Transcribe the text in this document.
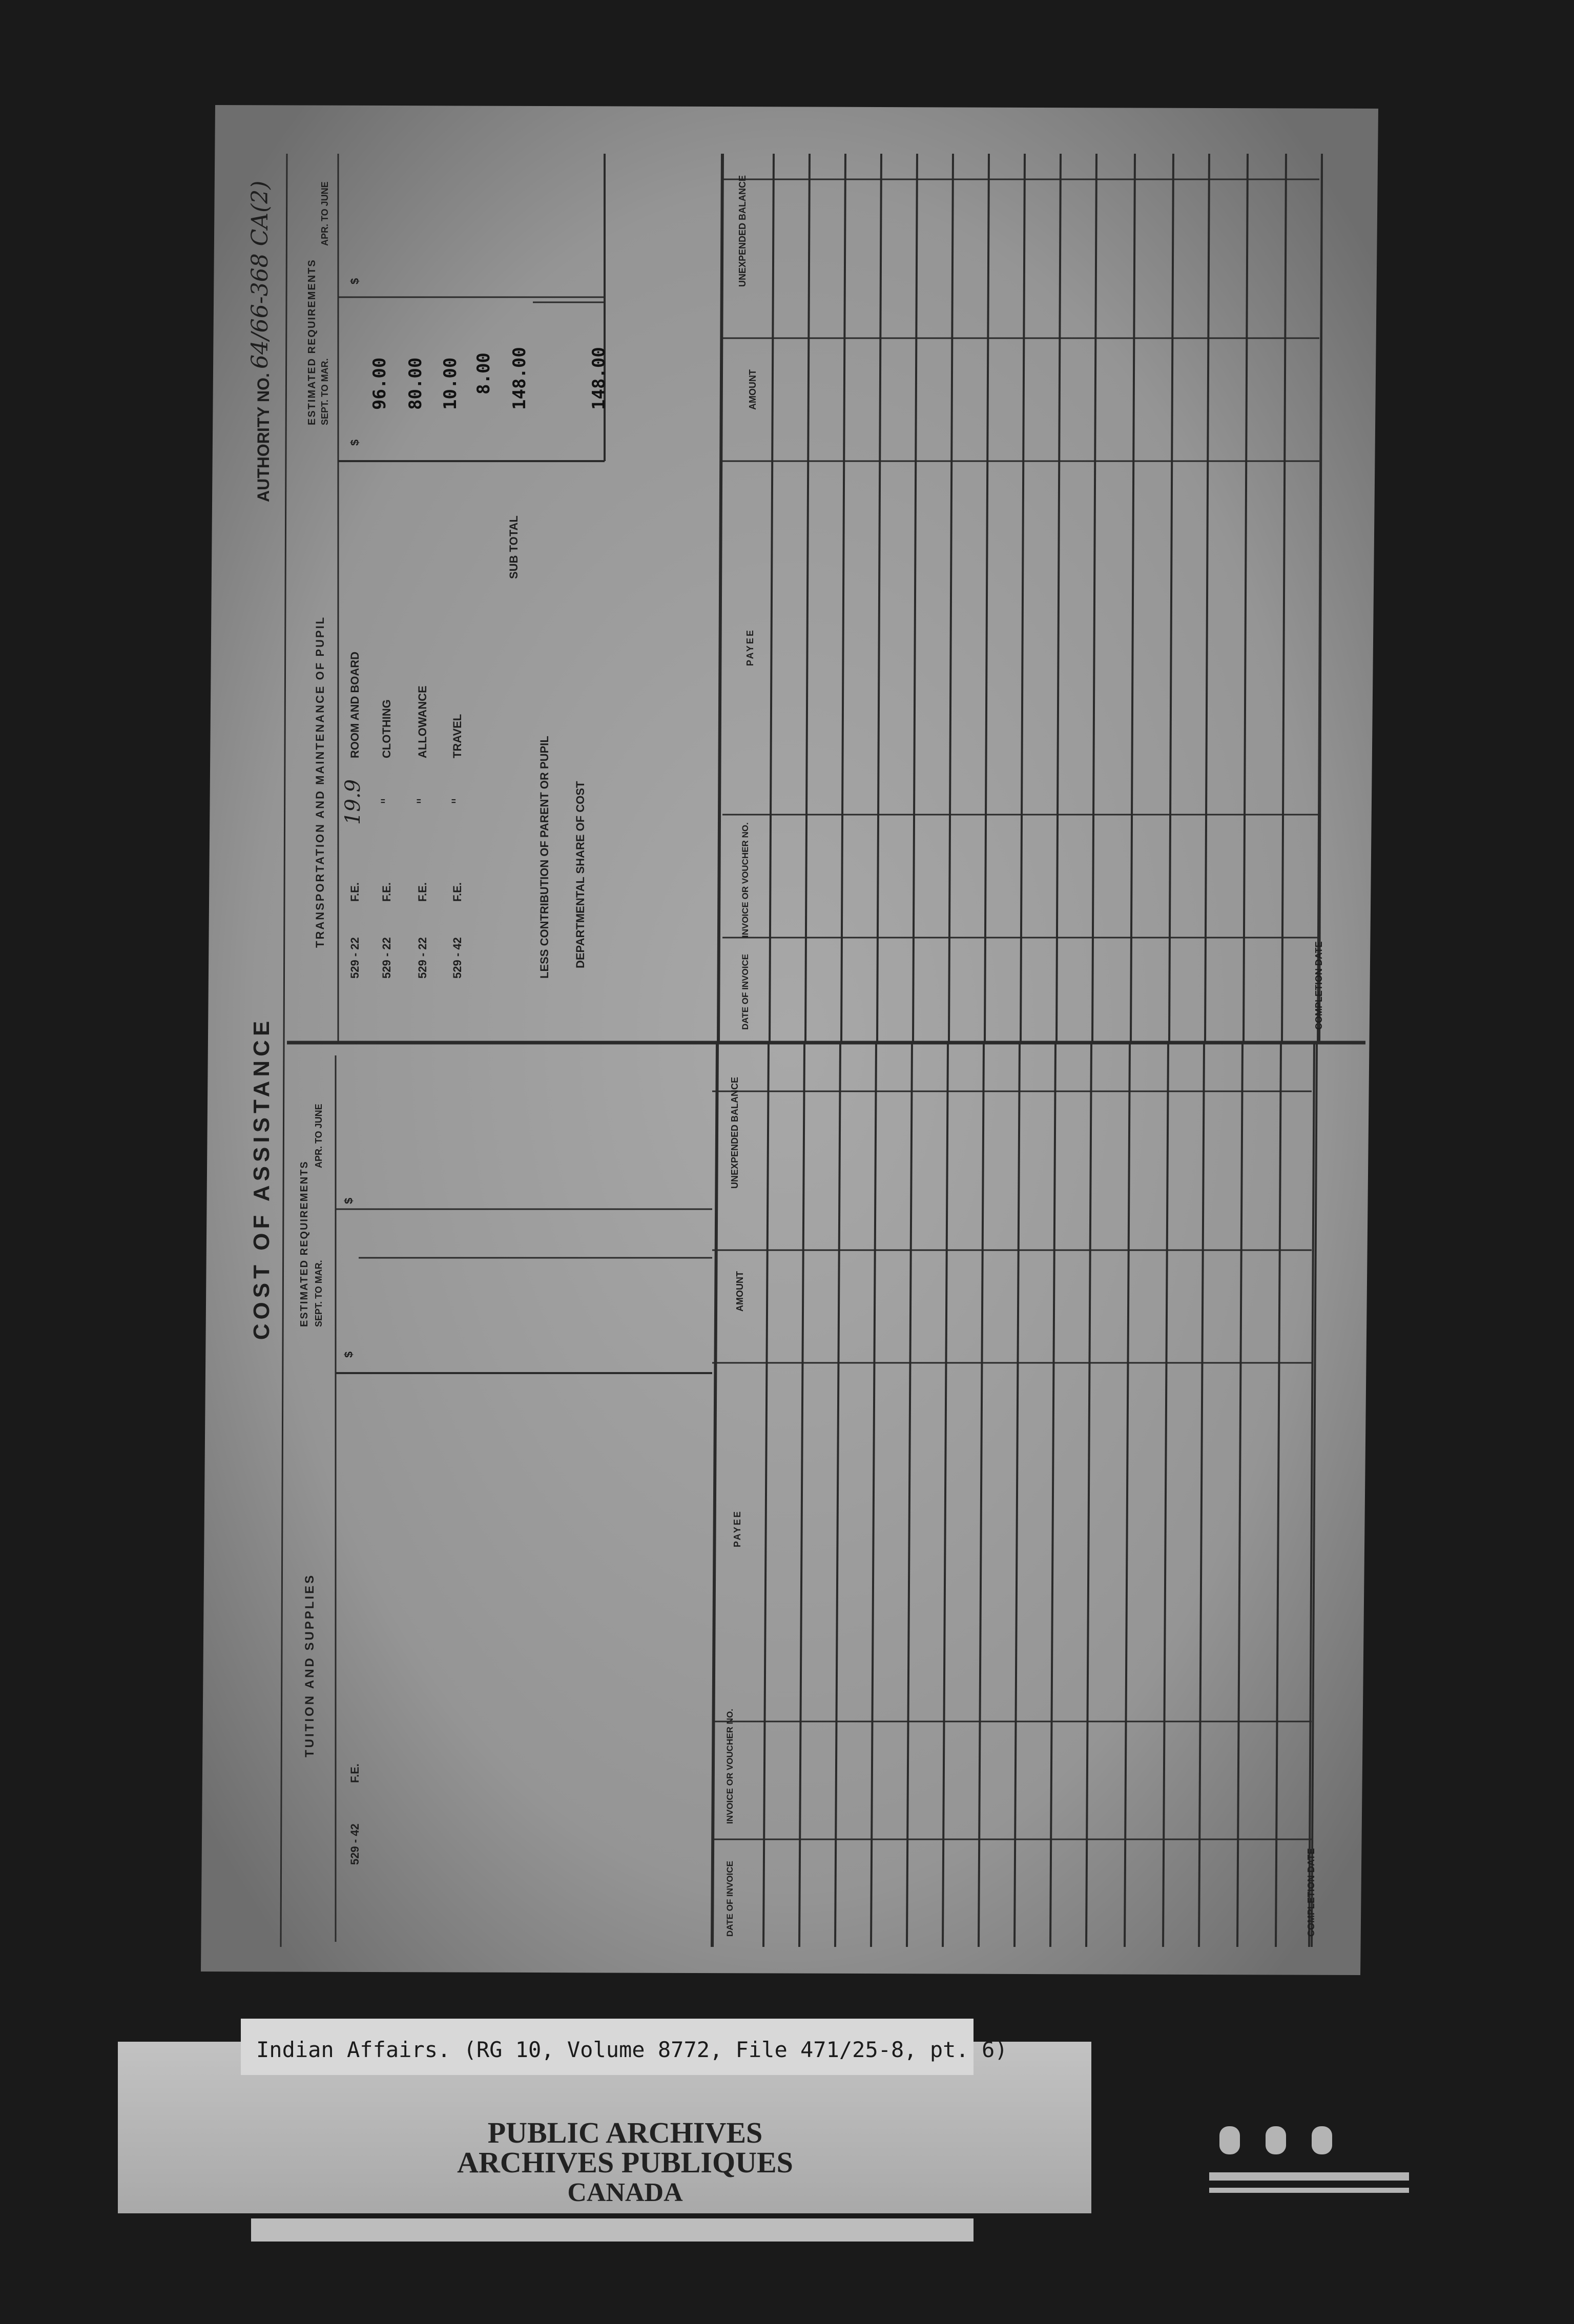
COST OF ASSISTANCE
AUTHORITY NO.
64/66-368 CA(2)
TRANSPORTATION AND MAINTENANCE OF PUPIL
ESTIMATED REQUIREMENTS SEPT. TO MAR.
APR. TO JUNE
$
$
529 - 22
F.E.
19.9
ROOM AND BOARD
96.00
529 - 22
F.E.
"
CLOTHING
80.00
529 - 22
F.E.
"
ALLOWANCE
10.00
529 - 42
F.E.
"
TRAVEL
8.00
SUB TOTAL
148.00
LESS CONTRIBUTION OF PARENT OR PUPIL DEPARTMENTAL SHARE OF COST
148.00
TUITION AND SUPPLIES
ESTIMATED REQUIREMENTS SEPT. TO MAR.
APR. TO JUNE
$
$
529 - 42
F.E.
UNEXPENDED BALANCE
AMOUNT
PAYEE
INVOICE OR VOUCHER NO.
DATE OF INVOICE	COMPLETION DATE
UNEXPENDED BALANCE
AMOUNT
PAYEE
INVOICE OR VOUCHER NO.
DATE OF INVOICE	COMPLETION DATE
Indian Affairs. (RG 10, Volume 8772, File 471/25-8, pt. 6)
PUBLIC ARCHIVES
ARCHIVES PUBLIQUES
CANADA
